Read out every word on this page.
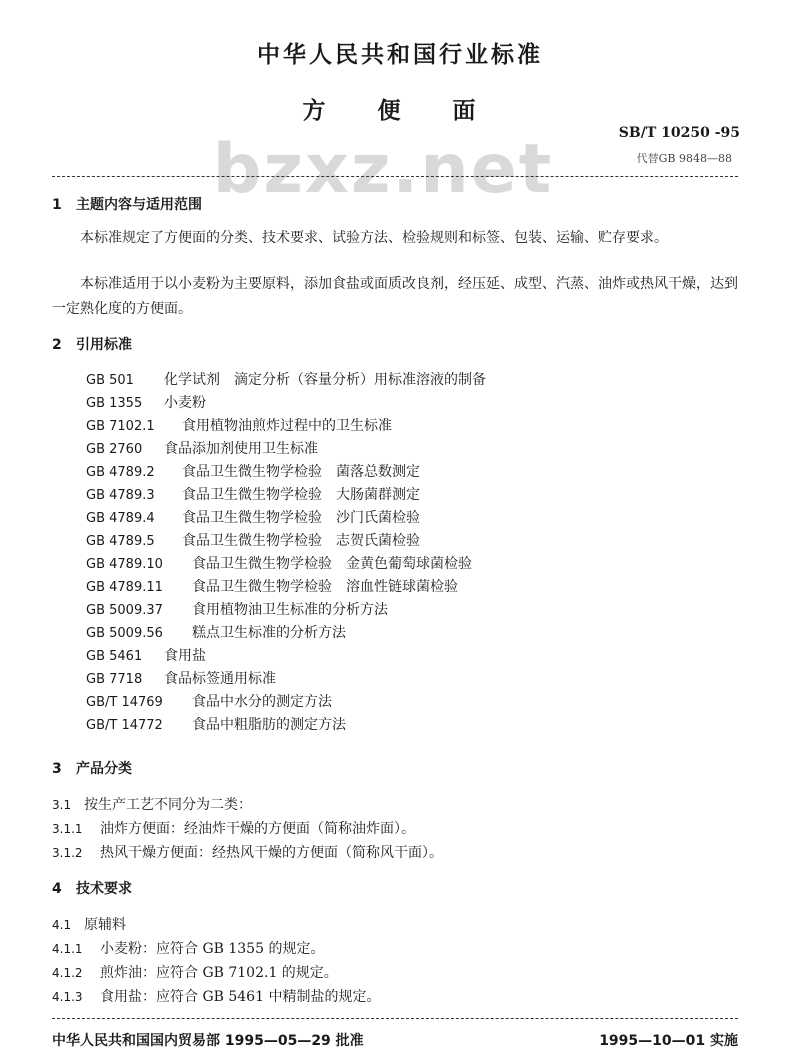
中华人民共和国行业标准
方 便 面
SB/T 10250 -95
代替GB 9848—88
bzxz.net
1 主题内容与适用范围
本标准规定了方便面的分类、技术要求、试验方法、检验规则和标签、包装、运输、贮存要求。
本标准适用于以小麦粉为主要原料，添加食盐或面质改良剂，经压延、成型、汽蒸、油炸或热风干燥，达到一定熟化度的方便面。
2 引用标准
GB 501 化学试剂　滴定分析（容量分析）用标准溶液的制备
GB 1355 小麦粉
GB 7102.1 食用植物油煎炸过程中的卫生标准
GB 2760 食品添加剂使用卫生标准
GB 4789.2 食品卫生微生物学检验　菌落总数测定
GB 4789.3 食品卫生微生物学检验　大肠菌群测定
GB 4789.4 食品卫生微生物学检验　沙门氏菌检验
GB 4789.5 食品卫生微生物学检验　志贺氏菌检验
GB 4789.10 食品卫生微生物学检验　金黄色葡萄球菌检验
GB 4789.11 食品卫生微生物学检验　溶血性链球菌检验
GB 5009.37 食用植物油卫生标准的分析方法
GB 5009.56 糕点卫生标准的分析方法
GB 5461 食用盐
GB 7718 食品标签通用标准
GB/T 14769 食品中水分的测定方法
GB/T 14772 食品中粗脂肪的测定方法
3 产品分类
3.1 按生产工艺不同分为二类：
3.1.1 油炸方便面：经油炸干燥的方便面（简称油炸面）。
3.1.2 热风干燥方便面：经热风干燥的方便面（简称风干面）。
4 技术要求
4.1 原辅料
4.1.1 小麦粉：应符合 GB 1355 的规定。
4.1.2 煎炸油：应符合 GB 7102.1 的规定。
4.1.3 食用盐：应符合 GB 5461 中精制盐的规定。
中华人民共和国国内贸易部 1995—05—29 批准	1995—10—01 实施
